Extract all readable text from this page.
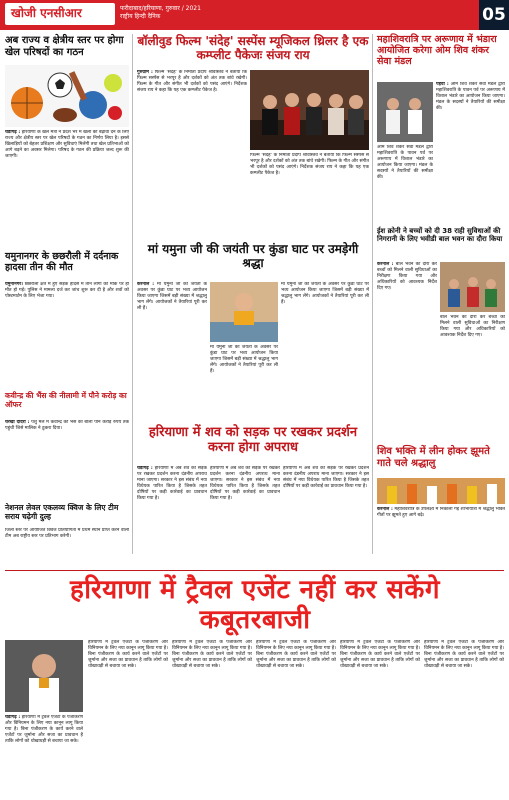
खोजी एनसीआर	फरीदाबाद/हरियाणा, गुरुवार / 2021
राष्ट्रीय हिन्दी दैनिक	05
अब राज्य व क्षेत्रीय स्तर पर होगा खेल परिषदों का गठन
चंडीगढ़ : हरियाणा के खेल मंत्री ने प्रदेश भर में खेलों को बढ़ावा देने के लिए राज्य और क्षेत्रीय स्तर पर खेल परिषदों के गठन का निर्णय लिया है। इससे खिलाड़ियों को बेहतर प्रशिक्षण और सुविधाएं मिलेंगी तथा खेल प्रतिभाओं को आगे बढ़ने का अवसर मिलेगा। परिषद के गठन की प्रक्रिया जल्द शुरू की जाएगी।
यमुनानगर के छछरौली में दर्दनाक हादसा तीन की मौत
यमुनानगर। छछरौली क्षेत्र में हुए सड़क हादसे में तीन लोगों की मौके पर ही मौत हो गई। पुलिस ने मामला दर्ज कर जांच शुरू कर दी है और शवों को पोस्टमार्टम के लिए भेजा गया।
कवीन्द्र की भैंस की नीलामी में पौने करोड़ का ऑफर
चरखी दादरी : पशु मेले में कवीन्द्र की भैंस की बोली पौने करोड़ रुपये तक पहुंची जिसे मालिक ने ठुकरा दिया।
नेशनल लेवल एकलव्य क्विज के लिए टीम सराय चढ़ेगी दुल्ह
जिला स्तर पर आयोजित क्विज प्रतियोगिता में प्रथम स्थान प्राप्त करने वाली टीम अब राष्ट्रीय स्तर पर प्रतिभाग करेगी।
बॉलीवुड फिल्म 'संदेह' सस्पेंस म्यूजिकल थ्रिलर है एक कम्प्लीट पैकेजः संजय राय
गुरुग्राम : फिल्म 'संदेह' के निर्माता प्रदीप श्रीवास्तव ने बताया कि फिल्म सस्पेंस से भरपूर है और दर्शकों को अंत तक बांधे रखेगी। फिल्म के गीत और संगीत भी दर्शकों को पसंद आएंगे। निर्देशक संजय राय ने कहा कि यह एक कम्प्लीट पैकेज है।
फिल्म 'संदेह' के निर्माता प्रदीप श्रीवास्तव ने बताया कि फिल्म सस्पेंस से भरपूर है और दर्शकों को अंत तक बांधे रखेगी। फिल्म के गीत और संगीत भी दर्शकों को पसंद आएंगे। निर्देशक संजय राय ने कहा कि यह एक कम्प्लीट पैकेज है।
मां यमुना जी की जयंती पर कुंडा घाट पर उमड़ेगी श्रद्धा
करनाल : मां यमुना जी की जयंती के अवसर पर कुंडा घाट पर भव्य आयोजन किया जाएगा जिसमें बड़ी संख्या में श्रद्धालु भाग लेंगे। आयोजकों ने तैयारियां पूरी कर ली हैं।
मां यमुना जी की जयंती के अवसर पर कुंडा घाट पर भव्य आयोजन किया जाएगा जिसमें बड़ी संख्या में श्रद्धालु भाग लेंगे। आयोजकों ने तैयारियां पूरी कर ली हैं।
मां यमुना जी की जयंती के अवसर पर कुंडा घाट पर भव्य आयोजन किया जाएगा जिसमें बड़ी संख्या में श्रद्धालु भाग लेंगे। आयोजकों ने तैयारियां पूरी कर ली हैं।
महाशिवरात्रि पर अरूणाय में भंडारा आयोजित करेगा ओम शिव शंकर सेवा मंडल
पेहवा : ओम शिव शंकर सेवा मंडल द्वारा महाशिवरात्रि के पावन पर्व पर अरूणाय में विशाल भंडारे का आयोजन किया जाएगा। मंडल के सदस्यों ने तैयारियों की समीक्षा की।
ओम शिव शंकर सेवा मंडल द्वारा महाशिवरात्रि के पावन पर्व पर अरूणाय में विशाल भंडारे का आयोजन किया जाएगा। मंडल के सदस्यों ने तैयारियों की समीक्षा की।
ईश क्रोनी ने बच्चों को दी 38 राही सुविधाओं की निगरानी के लिए भवीडी बाल भवन का दौरा किया
करनाल : बाल भवन का दौरा कर बच्चों को मिलने वाली सुविधाओं का निरीक्षण किया गया और अधिकारियों को आवश्यक निर्देश दिए गए।
बाल भवन का दौरा कर बच्चों को मिलने वाली सुविधाओं का निरीक्षण किया गया और अधिकारियों को आवश्यक निर्देश दिए गए।
शिव भक्ति में लीन होकर झूमते गाते चले श्रद्धालु
करनाल : महाशिवरात्रि के उपलक्ष्य में निकाली गई शोभायात्रा में श्रद्धालु भक्ति गीतों पर झूमते हुए आगे बढ़े।
हरियाणा में शव को सड़क पर रखकर प्रदर्शन करना होगा अपराध
चंडीगढ़ : हरियाणा में अब शव को सड़क पर रखकर प्रदर्शन करना दंडनीय अपराध माना जाएगा। सरकार ने इस संबंध में नया विधेयक पारित किया है जिसके तहत दोषियों पर कड़ी कार्रवाई का प्रावधान किया गया है।
हरियाणा में अब शव को सड़क पर रखकर प्रदर्शन करना दंडनीय अपराध माना जाएगा। सरकार ने इस संबंध में नया विधेयक पारित किया है जिसके तहत दोषियों पर कड़ी कार्रवाई का प्रावधान किया गया है।
हरियाणा में अब शव को सड़क पर रखकर प्रदर्शन करना दंडनीय अपराध माना जाएगा। सरकार ने इस संबंध में नया विधेयक पारित किया है जिसके तहत दोषियों पर कड़ी कार्रवाई का प्रावधान किया गया है।
हरियाणा में ट्रैवल एजेंट नहीं कर सकेंगे कबूतरबाजी
चंडीगढ़ : हरियाणा में ट्रैवल एजेंटों के पंजीकरण और विनियमन के लिए नया कानून लागू किया गया है। बिना पंजीकरण के कार्य करने वाले एजेंटों पर जुर्माना और सजा का प्रावधान है ताकि लोगों को धोखाधड़ी से बचाया जा सके।
हरियाणा में ट्रैवल एजेंटों के पंजीकरण और विनियमन के लिए नया कानून लागू किया गया है। बिना पंजीकरण के कार्य करने वाले एजेंटों पर जुर्माना और सजा का प्रावधान है ताकि लोगों को धोखाधड़ी से बचाया जा सके।
हरियाणा में ट्रैवल एजेंटों के पंजीकरण और विनियमन के लिए नया कानून लागू किया गया है। बिना पंजीकरण के कार्य करने वाले एजेंटों पर जुर्माना और सजा का प्रावधान है ताकि लोगों को धोखाधड़ी से बचाया जा सके।
हरियाणा में ट्रैवल एजेंटों के पंजीकरण और विनियमन के लिए नया कानून लागू किया गया है। बिना पंजीकरण के कार्य करने वाले एजेंटों पर जुर्माना और सजा का प्रावधान है ताकि लोगों को धोखाधड़ी से बचाया जा सके।
हरियाणा में ट्रैवल एजेंटों के पंजीकरण और विनियमन के लिए नया कानून लागू किया गया है। बिना पंजीकरण के कार्य करने वाले एजेंटों पर जुर्माना और सजा का प्रावधान है ताकि लोगों को धोखाधड़ी से बचाया जा सके।
हरियाणा में ट्रैवल एजेंटों के पंजीकरण और विनियमन के लिए नया कानून लागू किया गया है। बिना पंजीकरण के कार्य करने वाले एजेंटों पर जुर्माना और सजा का प्रावधान है ताकि लोगों को धोखाधड़ी से बचाया जा सके।
